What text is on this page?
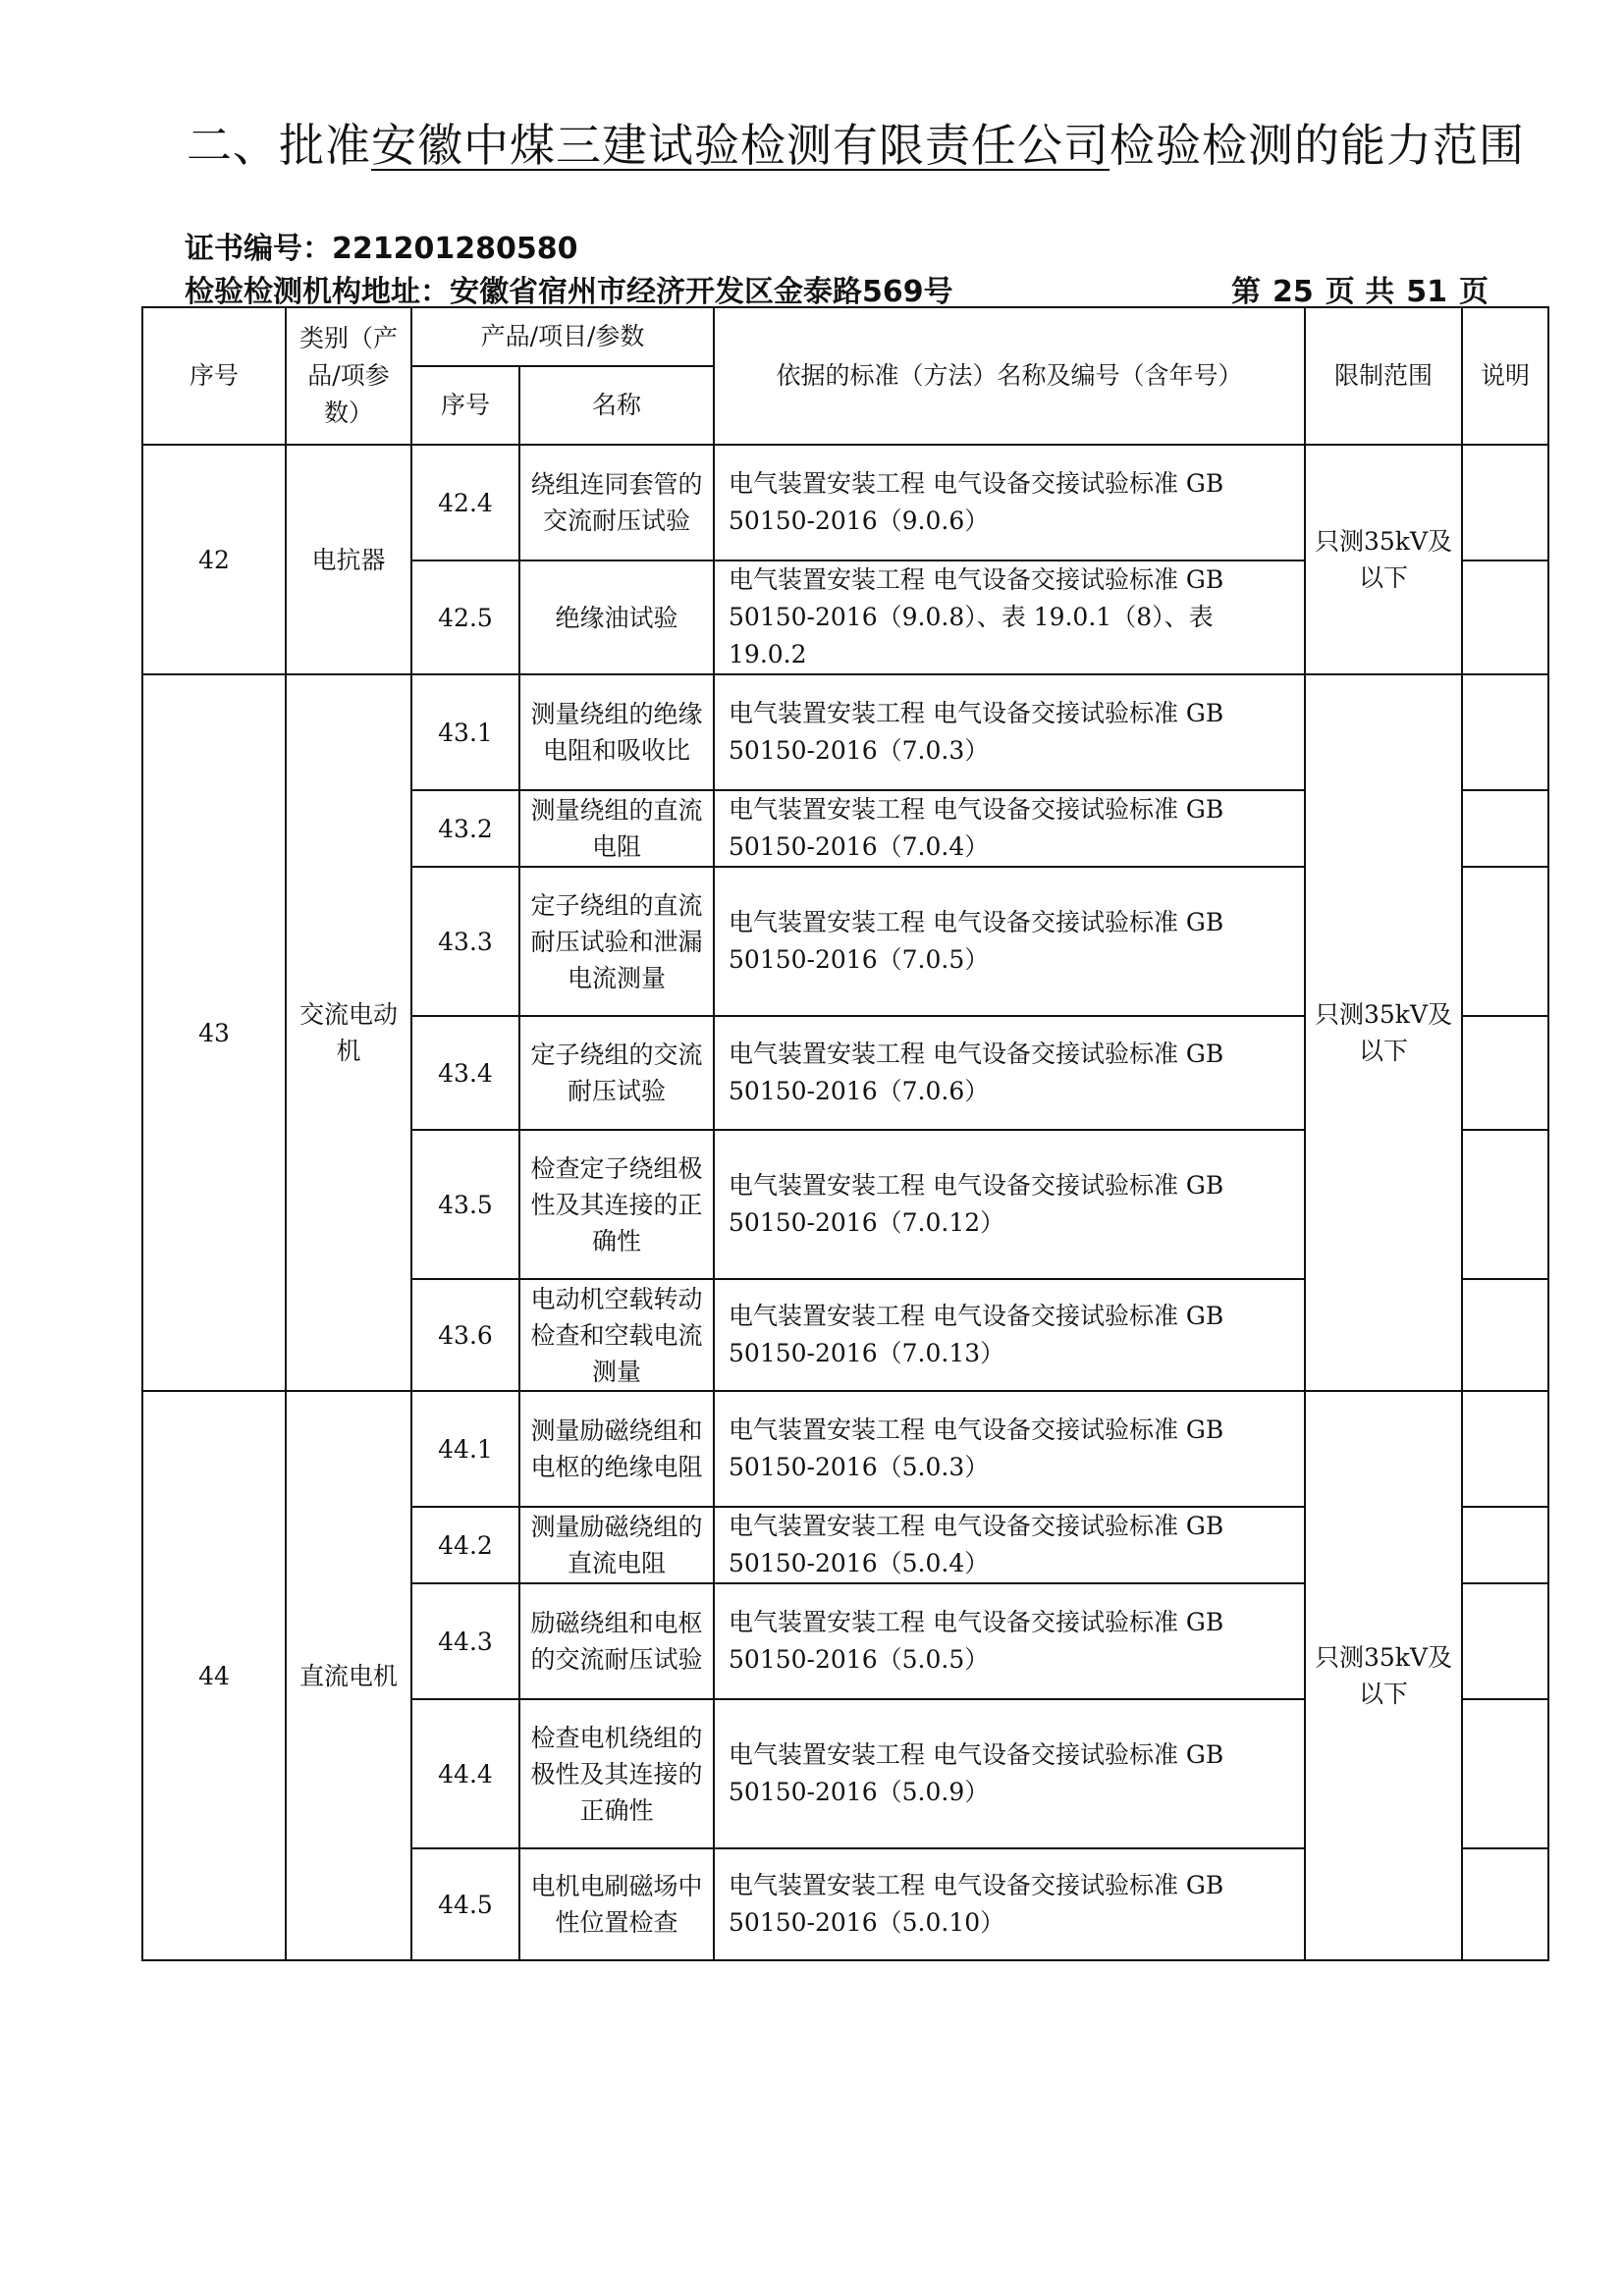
二、批准安徽中煤三建试验检测有限责任公司检验检测的能力范围
证书编号：221201280580
检验检测机构地址：安徽省宿州市经济开发区金泰路569号	第 25 页 共 51 页
序号	类别（产品/项参数）	产品/项目/参数		依据的标准（方法）名称及编号（含年号）	限制范围	说明
		序号	名称			
42	电抗器	42.4	绕组连同套管的交流耐压试验	电气装置安装工程 电气设备交接试验标准 GB 50150-2016（9.0.6）	只测35kV及以下	
		42.5	绝缘油试验	电气装置安装工程 电气设备交接试验标准 GB 50150-2016（9.0.8）、表 19.0.1（8）、表 19.0.2		
43	交流电动机	43.1	测量绕组的绝缘电阻和吸收比	电气装置安装工程 电气设备交接试验标准 GB 50150-2016（7.0.3）	只测35kV及以下	
		43.2	测量绕组的直流电阻	电气装置安装工程 电气设备交接试验标准 GB 50150-2016（7.0.4）		
		43.3	定子绕组的直流耐压试验和泄漏电流测量	电气装置安装工程 电气设备交接试验标准 GB 50150-2016（7.0.5）		
		43.4	定子绕组的交流耐压试验	电气装置安装工程 电气设备交接试验标准 GB 50150-2016（7.0.6）		
		43.5	检查定子绕组极性及其连接的正确性	电气装置安装工程 电气设备交接试验标准 GB 50150-2016（7.0.12）		
		43.6	电动机空载转动检查和空载电流测量	电气装置安装工程 电气设备交接试验标准 GB 50150-2016（7.0.13）		
44	直流电机	44.1	测量励磁绕组和电枢的绝缘电阻	电气装置安装工程 电气设备交接试验标准 GB 50150-2016（5.0.3）	只测35kV及以下	
		44.2	测量励磁绕组的直流电阻	电气装置安装工程 电气设备交接试验标准 GB 50150-2016（5.0.4）		
		44.3	励磁绕组和电枢的交流耐压试验	电气装置安装工程 电气设备交接试验标准 GB 50150-2016（5.0.5）		
		44.4	检查电机绕组的极性及其连接的正确性	电气装置安装工程 电气设备交接试验标准 GB 50150-2016（5.0.9）		
		44.5	电机电刷磁场中性位置检查	电气装置安装工程 电气设备交接试验标准 GB 50150-2016（5.0.10）		
